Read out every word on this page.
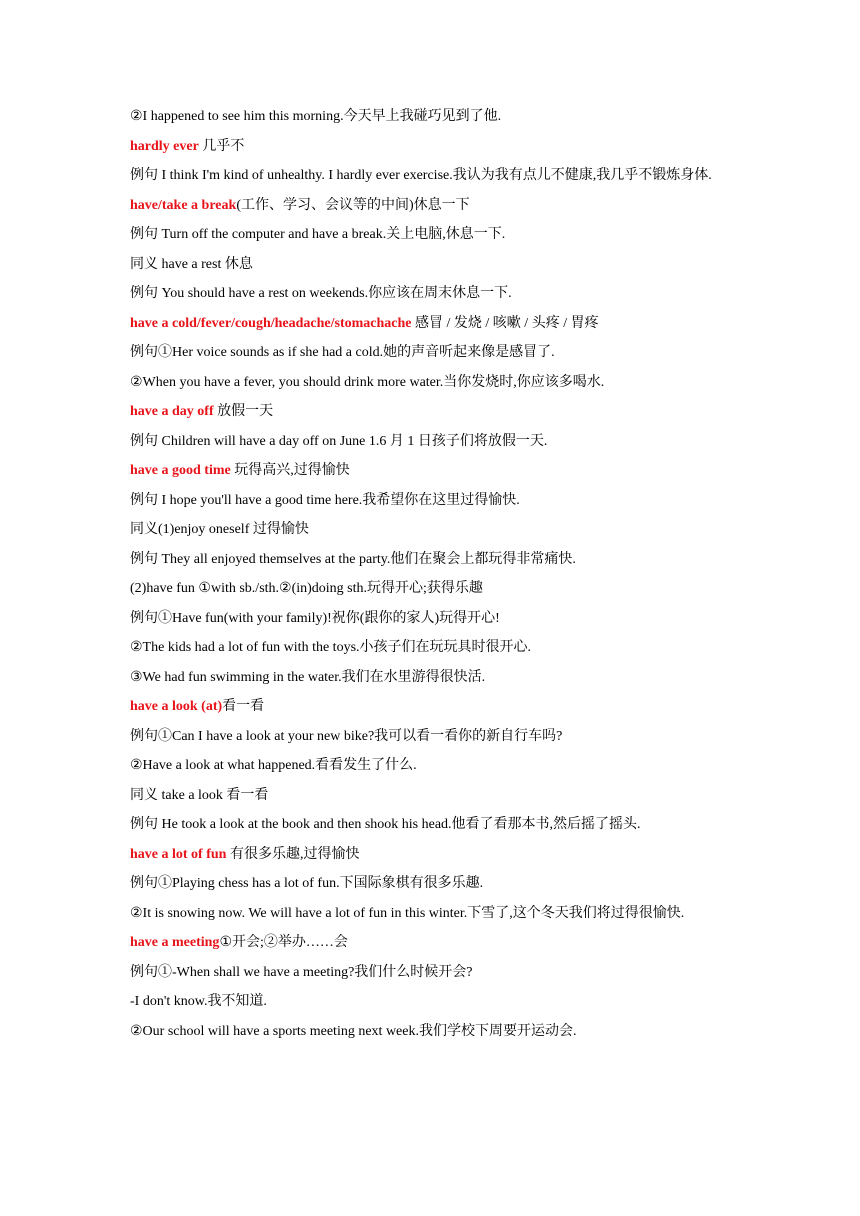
②I happened to see him this morning.今天早上我碰巧见到了他.
hardly ever 几乎不
例句 I think I'm kind of unhealthy. I hardly ever exercise.我认为我有点儿不健康,我几乎不锻炼身体.
have/take a break(工作、学习、会议等的中间)休息一下
例句 Turn off the computer and have a break.关上电脑,休息一下.
同义 have a rest 休息
例句 You should have a rest on weekends.你应该在周末休息一下.
have a cold/fever/cough/headache/stomachache 感冒 / 发烧 / 咳嗽 / 头疼 / 胃疼
例句①Her voice sounds as if she had a cold.她的声音听起来像是感冒了.
②When you have a fever, you should drink more water.当你发烧时,你应该多喝水.
have a day off 放假一天
例句 Children will have a day off on June 1.6 月 1 日孩子们将放假一天.
have a good time 玩得高兴,过得愉快
例句 I hope you'll have a good time here.我希望你在这里过得愉快.
同义(1)enjoy oneself 过得愉快
例句 They all enjoyed themselves at the party.他们在聚会上都玩得非常痛快.
(2)have fun ①with sb./sth.②(in)doing sth.玩得开心;获得乐趣
例句①Have fun(with your family)!祝你(跟你的家人)玩得开心!
②The kids had a lot of fun with the toys.小孩子们在玩玩具时很开心.
③We had fun swimming in the water.我们在水里游得很快活.
have a look (at)看一看
例句①Can I have a look at your new bike?我可以看一看你的新自行车吗?
②Have a look at what happened.看看发生了什么.
同义 take a look 看一看
例句 He took a look at the book and then shook his head.他看了看那本书,然后摇了摇头.
have a lot of fun 有很多乐趣,过得愉快
例句①Playing chess has a lot of fun.下国际象棋有很多乐趣.
②It is snowing now. We will have a lot of fun in this winter.下雪了,这个冬天我们将过得很愉快.
have a meeting①开会;②举办……会
例句①-When shall we have a meeting?我们什么时候开会?
-I don't know.我不知道.
②Our school will have a sports meeting next week.我们学校下周要开运动会.
